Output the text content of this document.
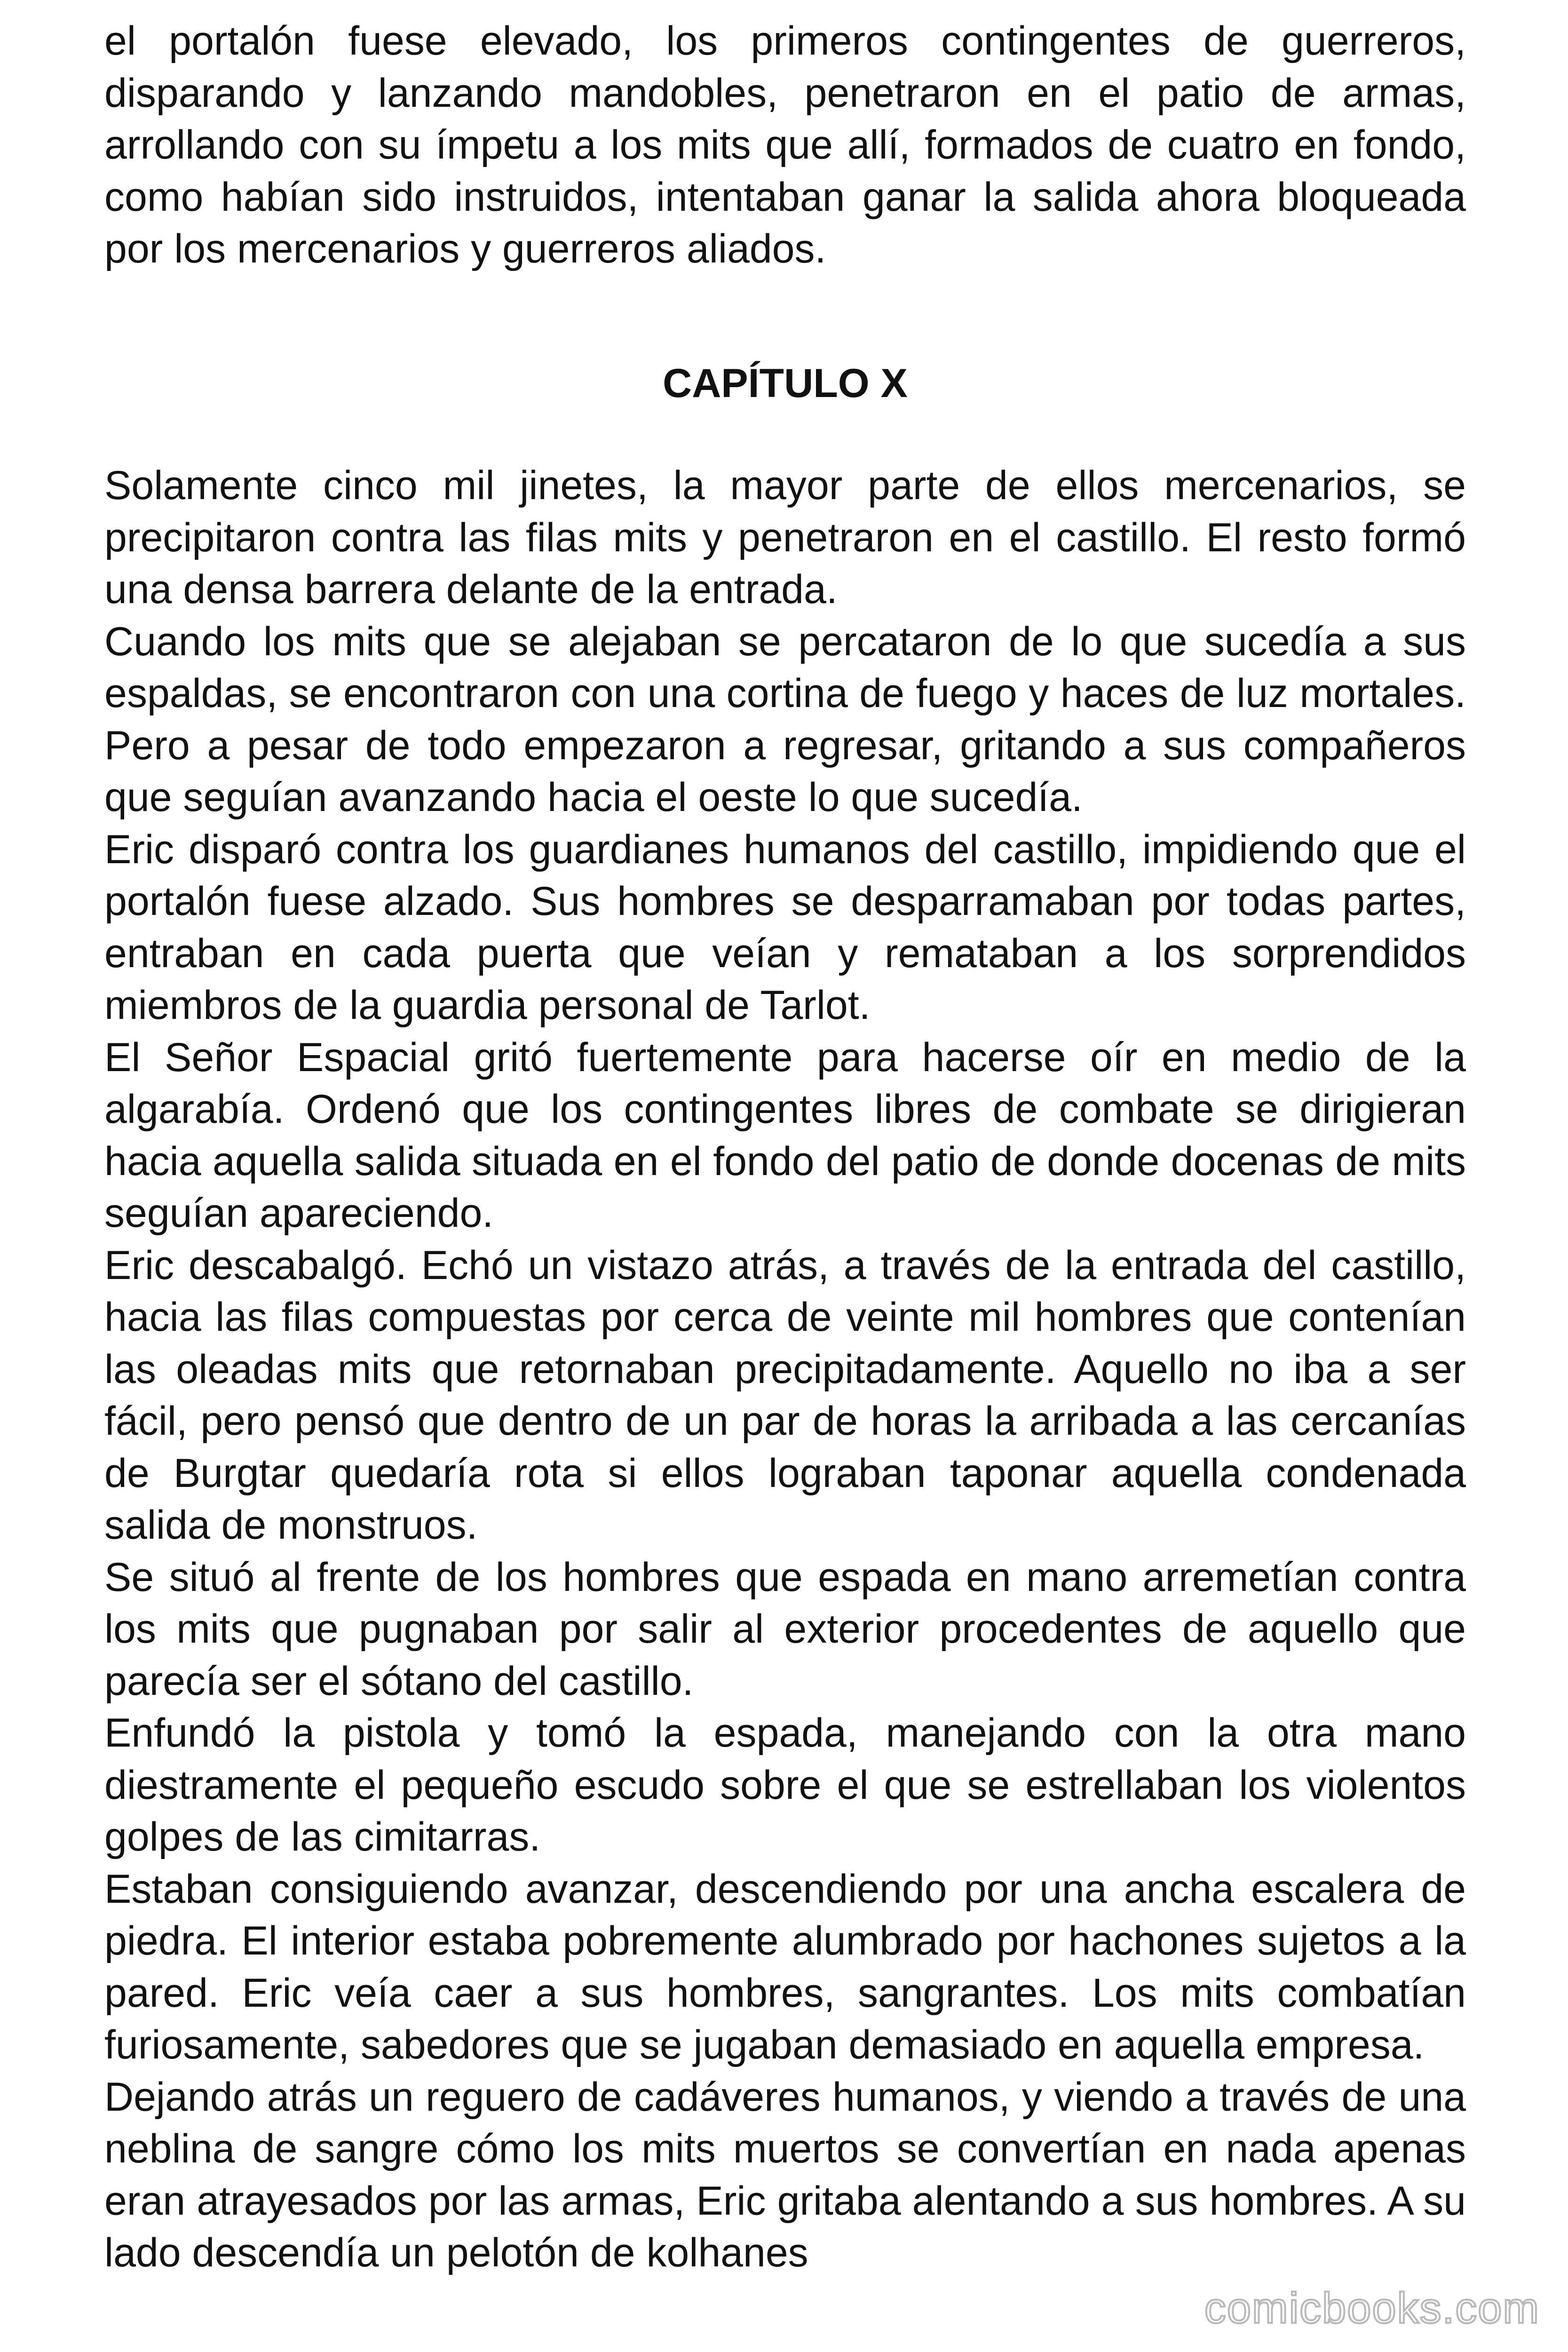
el portalón fuese elevado, los primeros contingentes de guerreros, disparando y lanzando mandobles, penetraron en el patio de armas, arrollando con su ímpetu a los mits que allí, formados de cuatro en fondo, como habían sido instruidos, intentaban ganar la salida ahora bloqueada por los mercenarios y guerreros aliados.

CAPÍTULO X

Solamente cinco mil jinetes, la mayor parte de ellos mercenarios, se precipitaron contra las filas mits y penetraron en el castillo. El resto formó una densa barrera delante de la entrada.

Cuando los mits que se alejaban se percataron de lo que sucedía a sus espaldas, se encontraron con una cortina de fuego y haces de luz mortales. Pero a pesar de todo empezaron a regresar, gritando a sus compañeros que seguían avanzando hacia el oeste lo que sucedía.

Eric disparó contra los guardianes humanos del castillo, impidiendo que el portalón fuese alzado. Sus hombres se desparramaban por todas partes, entraban en cada puerta que veían y remataban a los sorprendidos miembros de la guardia personal de Tarlot.

El Señor Espacial gritó fuertemente para hacerse oír en medio de la algarabía. Ordenó que los contingentes libres de combate se dirigieran hacia aquella salida situada en el fondo del patio de donde docenas de mits seguían apareciendo.

Eric descabalgó. Echó un vistazo atrás, a través de la entrada del castillo, hacia las filas compuestas por cerca de veinte mil hombres que contenían las oleadas mits que retornaban precipitadamente. Aquello no iba a ser fácil, pero pensó que dentro de un par de horas la arribada a las cercanías de Burgtar quedaría rota si ellos lograban taponar aquella condenada salida de monstruos.

Se situó al frente de los hombres que espada en mano arremetían contra los mits que pugnaban por salir al exterior procedentes de aquello que parecía ser el sótano del castillo.

Enfundó la pistola y tomó la espada, manejando con la otra mano diestramente el pequeño escudo sobre el que se estrellaban los violentos golpes de las cimitarras.

Estaban consiguiendo avanzar, descendiendo por una ancha escalera de piedra. El interior estaba pobremente alumbrado por hachones sujetos a la pared. Eric veía caer a sus hombres, sangrantes. Los mits combatían furiosamente, sabedores que se jugaban demasiado en aquella empresa.

Dejando atrás un reguero de cadáveres humanos, y viendo a través de una neblina de sangre cómo los mits muertos se convertían en nada apenas eran atrayesados por las armas, Eric gritaba alentando a sus hombres. A su lado descendía un pelotón de kolhanes

comicbooks.com
